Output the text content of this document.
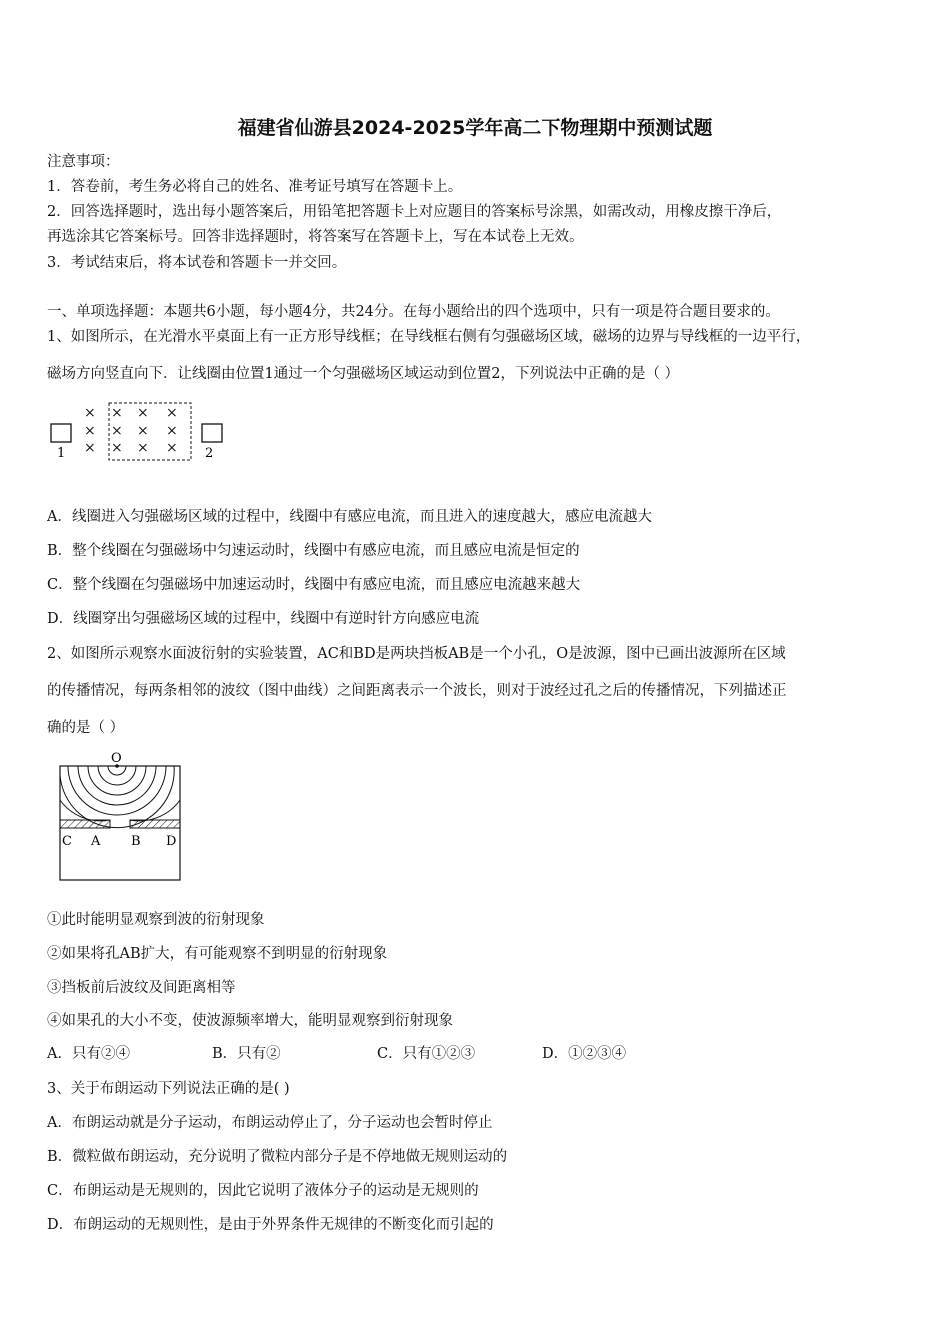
福建省仙游县2024-2025学年高二下物理期中预测试题
注意事项：
1．答卷前，考生务必将自己的姓名、准考证号填写在答题卡上。
2．回答选择题时，选出每小题答案后，用铅笔把答题卡上对应题目的答案标号涂黑，如需改动，用橡皮擦干净后，
再选涂其它答案标号。回答非选择题时，将答案写在答题卡上，写在本试卷上无效。
3．考试结束后，将本试卷和答题卡一并交回。
一、单项选择题：本题共6小题，每小题4分，共24分。在每小题给出的四个选项中，只有一项是符合题目要求的。
1、如图所示，在光滑水平桌面上有一正方形导线框；在导线框右侧有匀强磁场区域，磁场的边界与导线框的一边平行，
磁场方向竖直向下．让线圈由位置1通过一个匀强磁场区域运动到位置2，下列说法中正确的是（ ）
1
× × × ×
× × × ×
× × × × 2
A．线圈进入匀强磁场区域的过程中，线圈中有感应电流，而且进入的速度越大，感应电流越大
B．整个线圈在匀强磁场中匀速运动时，线圈中有感应电流，而且感应电流是恒定的
C．整个线圈在匀强磁场中加速运动时，线圈中有感应电流，而且感应电流越来越大
D．线圈穿出匀强磁场区域的过程中，线圈中有逆时针方向感应电流
2、如图所示观察水面波衍射的实验装置，AC和BD是两块挡板AB是一个小孔，O是波源，图中已画出波源所在区域
的传播情况，每两条相邻的波纹（图中曲线）之间距离表示一个波长，则对于波经过孔之后的传播情况，下列描述正
确的是（ ）
O
C A B D
①此时能明显观察到波的衍射现象
②如果将孔AB扩大，有可能观察不到明显的衍射现象
③挡板前后波纹及间距离相等
④如果孔的大小不变，使波源频率增大，能明显观察到衍射现象
A．只有②④	B．只有②	C．只有①②③	D．①②③④
3、关于布朗运动下列说法正确的是( )
A．布朗运动就是分子运动，布朗运动停止了，分子运动也会暂时停止
B．微粒做布朗运动，充分说明了微粒内部分子是不停地做无规则运动的
C．布朗运动是无规则的，因此它说明了液体分子的运动是无规则的
D．布朗运动的无规则性，是由于外界条件无规律的不断变化而引起的
